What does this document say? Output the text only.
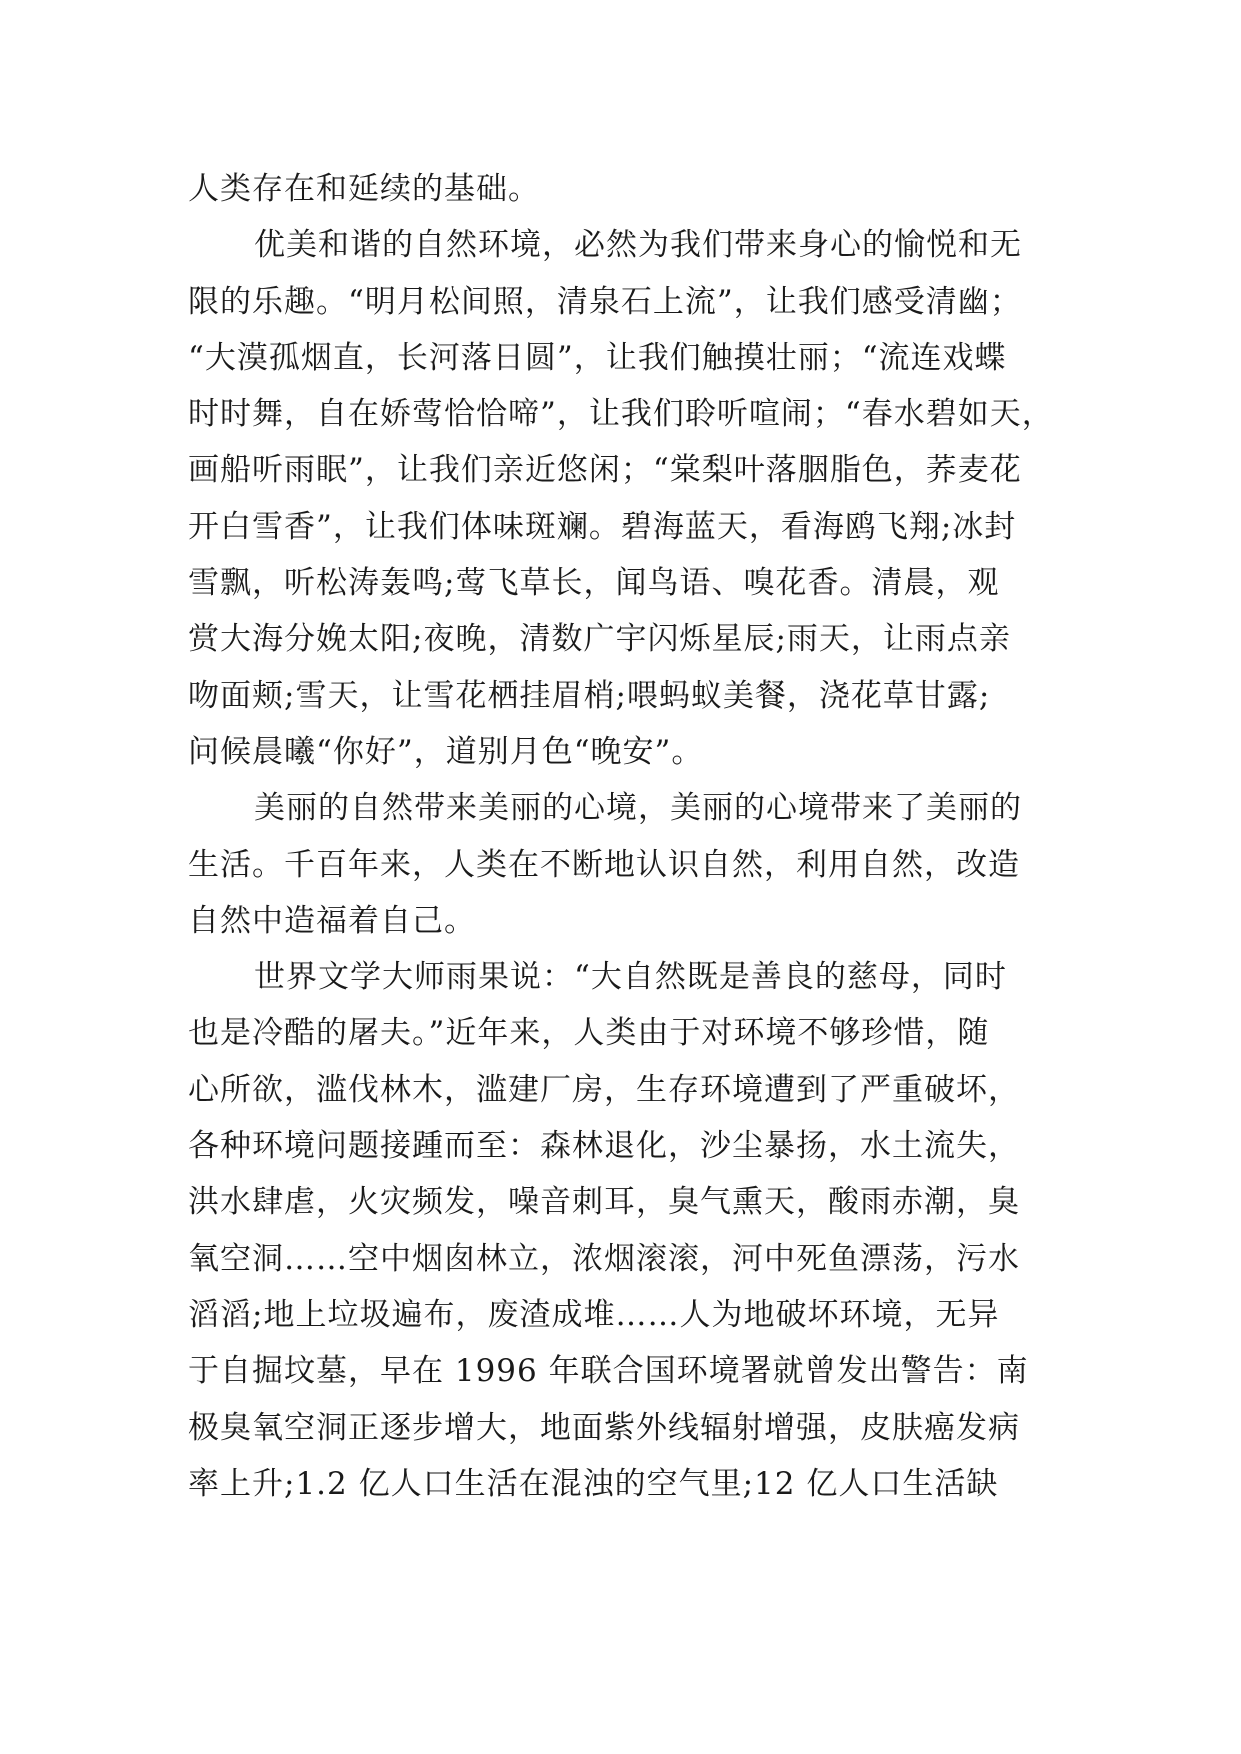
人类存在和延续的基础。
优美和谐的自然环境，必然为我们带来身心的愉悦和无
限的乐趣。“明月松间照，清泉石上流”，让我们感受清幽；
“大漠孤烟直，长河落日圆”，让我们触摸壮丽；“流连戏蝶
时时舞，自在娇莺恰恰啼”，让我们聆听喧闹；“春水碧如天，
画船听雨眠”，让我们亲近悠闲；“棠梨叶落胭脂色，荞麦花
开白雪香”，让我们体味斑斓。碧海蓝天，看海鸥飞翔;冰封
雪飘，听松涛轰鸣;莺飞草长，闻鸟语、嗅花香。清晨，观
赏大海分娩太阳;夜晚，清数广宇闪烁星辰;雨天，让雨点亲
吻面颊;雪天，让雪花栖挂眉梢;喂蚂蚁美餐，浇花草甘露;
问候晨曦“你好”，道别月色“晚安”。
美丽的自然带来美丽的心境，美丽的心境带来了美丽的
生活。千百年来，人类在不断地认识自然，利用自然，改造
自然中造福着自己。
世界文学大师雨果说：“大自然既是善良的慈母，同时
也是冷酷的屠夫。”近年来，人类由于对环境不够珍惜，随
心所欲，滥伐林木，滥建厂房，生存环境遭到了严重破坏，
各种环境问题接踵而至：森林退化，沙尘暴扬，水土流失，
洪水肆虐，火灾频发，噪音刺耳，臭气熏天，酸雨赤潮，臭
氧空洞……空中烟囱林立，浓烟滚滚，河中死鱼漂荡，污水
滔滔;地上垃圾遍布，废渣成堆……人为地破坏环境，无异
于自掘坟墓，早在 1996 年联合国环境署就曾发出警告：南
极臭氧空洞正逐步增大，地面紫外线辐射增强，皮肤癌发病
率上升;1.2 亿人口生活在混浊的空气里;12 亿人口生活缺
